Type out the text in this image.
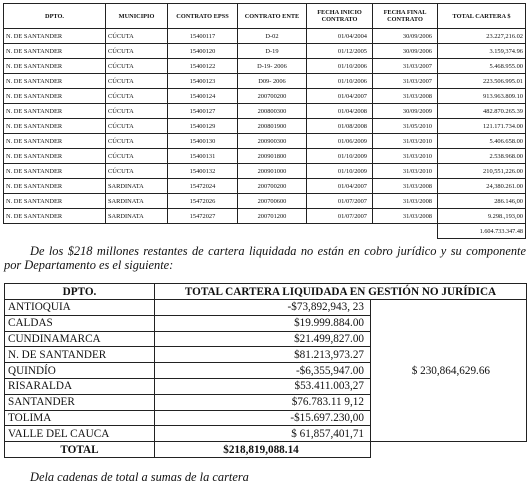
DPTO.	MUNICIPIO	CONTRATO EPSS	CONTRATO ENTE	FECHA INICIO CONTRATO	FECHA FINAL CONTRATO	TOTAL CARTERA $
N. DE SANTANDER	CÚCUTA	15400117	D-02	01/04/2004	30/09/2006	23.227,216.02
N. DE SANTANDER	CÚCUTA	15400120	D-19	01/12/2005	30/09/2006	3.159,374.96
N. DE SANTANDER	CÚCUTA	15400122	D-19- 2006	01/10/2006	31/03/2007	5.468.955.00
N. DE SANTANDER	CÚCUTA	15400123	D09- 2006	01/10/2006	31/03/2007	223.506.995.01
N. DE SANTANDER	CÚCUTA	15400124	200700200	01/04/2007	31/03/2008	913.963.809.10
N. DE SANTANDER	CÚCUTA	15400127	200800300	01/04/2008	30/09/2009	482.870.265.39
N. DE SANTANDER	CÚCUTA	15400129	200801900	01/08/2008	31/05/2010	121.171.734.00
N. DE SANTANDER	CÚCUTA	15400130	200900300	01/06/2009	31/03/2010	5.406.658.00
N. DE SANTANDER	CÚCUTA	15400131	200901800	01/10/2009	31/03/2010	2.538.968.00
N. DE SANTANDER	CÚCUTA	15400132	200901000	01/10/2009	31/03/2010	210,551,226.00
N. DE SANTANDER	SARDINATA	15472024	200700200	01/04/2007	31/03/2008	24,380.261.00
N. DE SANTANDER	SARDINATA	15472026	200700600	01/07/2007	31/03/2008	286.146,00
N. DE SANTANDER	SARDINATA	15472027	200701200	01/07/2007	31/03/2008	9.298.,193,00
						1.604.733.347.48

De los $218 millones restantes de cartera liquidada no están en cobro jurídico y su componente por Departamento es el siguiente:

DPTO.	TOTAL CARTERA LIQUIDADA EN GESTIÓN NO JURÍDICA	
ANTIOQUIA	-$73,892,943, 23	$ 230,864,629.66
CALDAS	$19.999.884.00	
CUNDINAMARCA	$21.499,827.00	
N. DE SANTANDER	$81.213,973.27	
QUINDÍO	-$6,355,947.00	
RISARALDA	$53.411.003,27	
SANTANDER	$76.783.11 9,12	
TOLIMA	-$15.697.230,00	
VALLE DEL CAUCA	$ 61,857,401,71	
TOTAL	$218,819,088.14	

Dela cadenas de total a sumas de la cartera
